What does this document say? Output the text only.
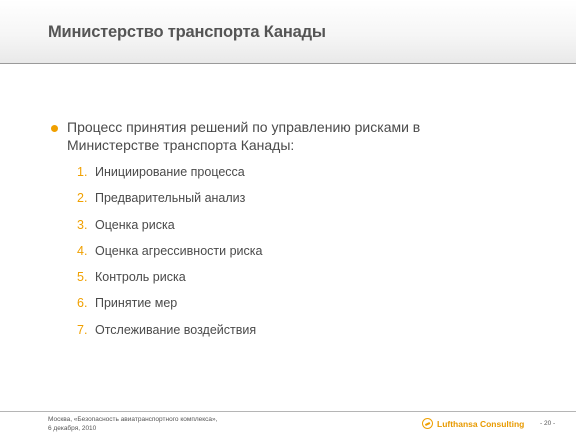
Министерство транспорта Канады
Процесс принятия решений по управлению рисками в Министерстве транспорта Канады:
1. Инициирование процесса
2. Предварительный анализ
3. Оценка риска
4. Оценка агрессивности риска
5. Контроль риска
6. Принятие мер
7. Отслеживание воздействия
Москва, «Безопасность авиатранспортного комплекса»,
6 декабря, 2010	Lufthansa Consulting - 20 -
